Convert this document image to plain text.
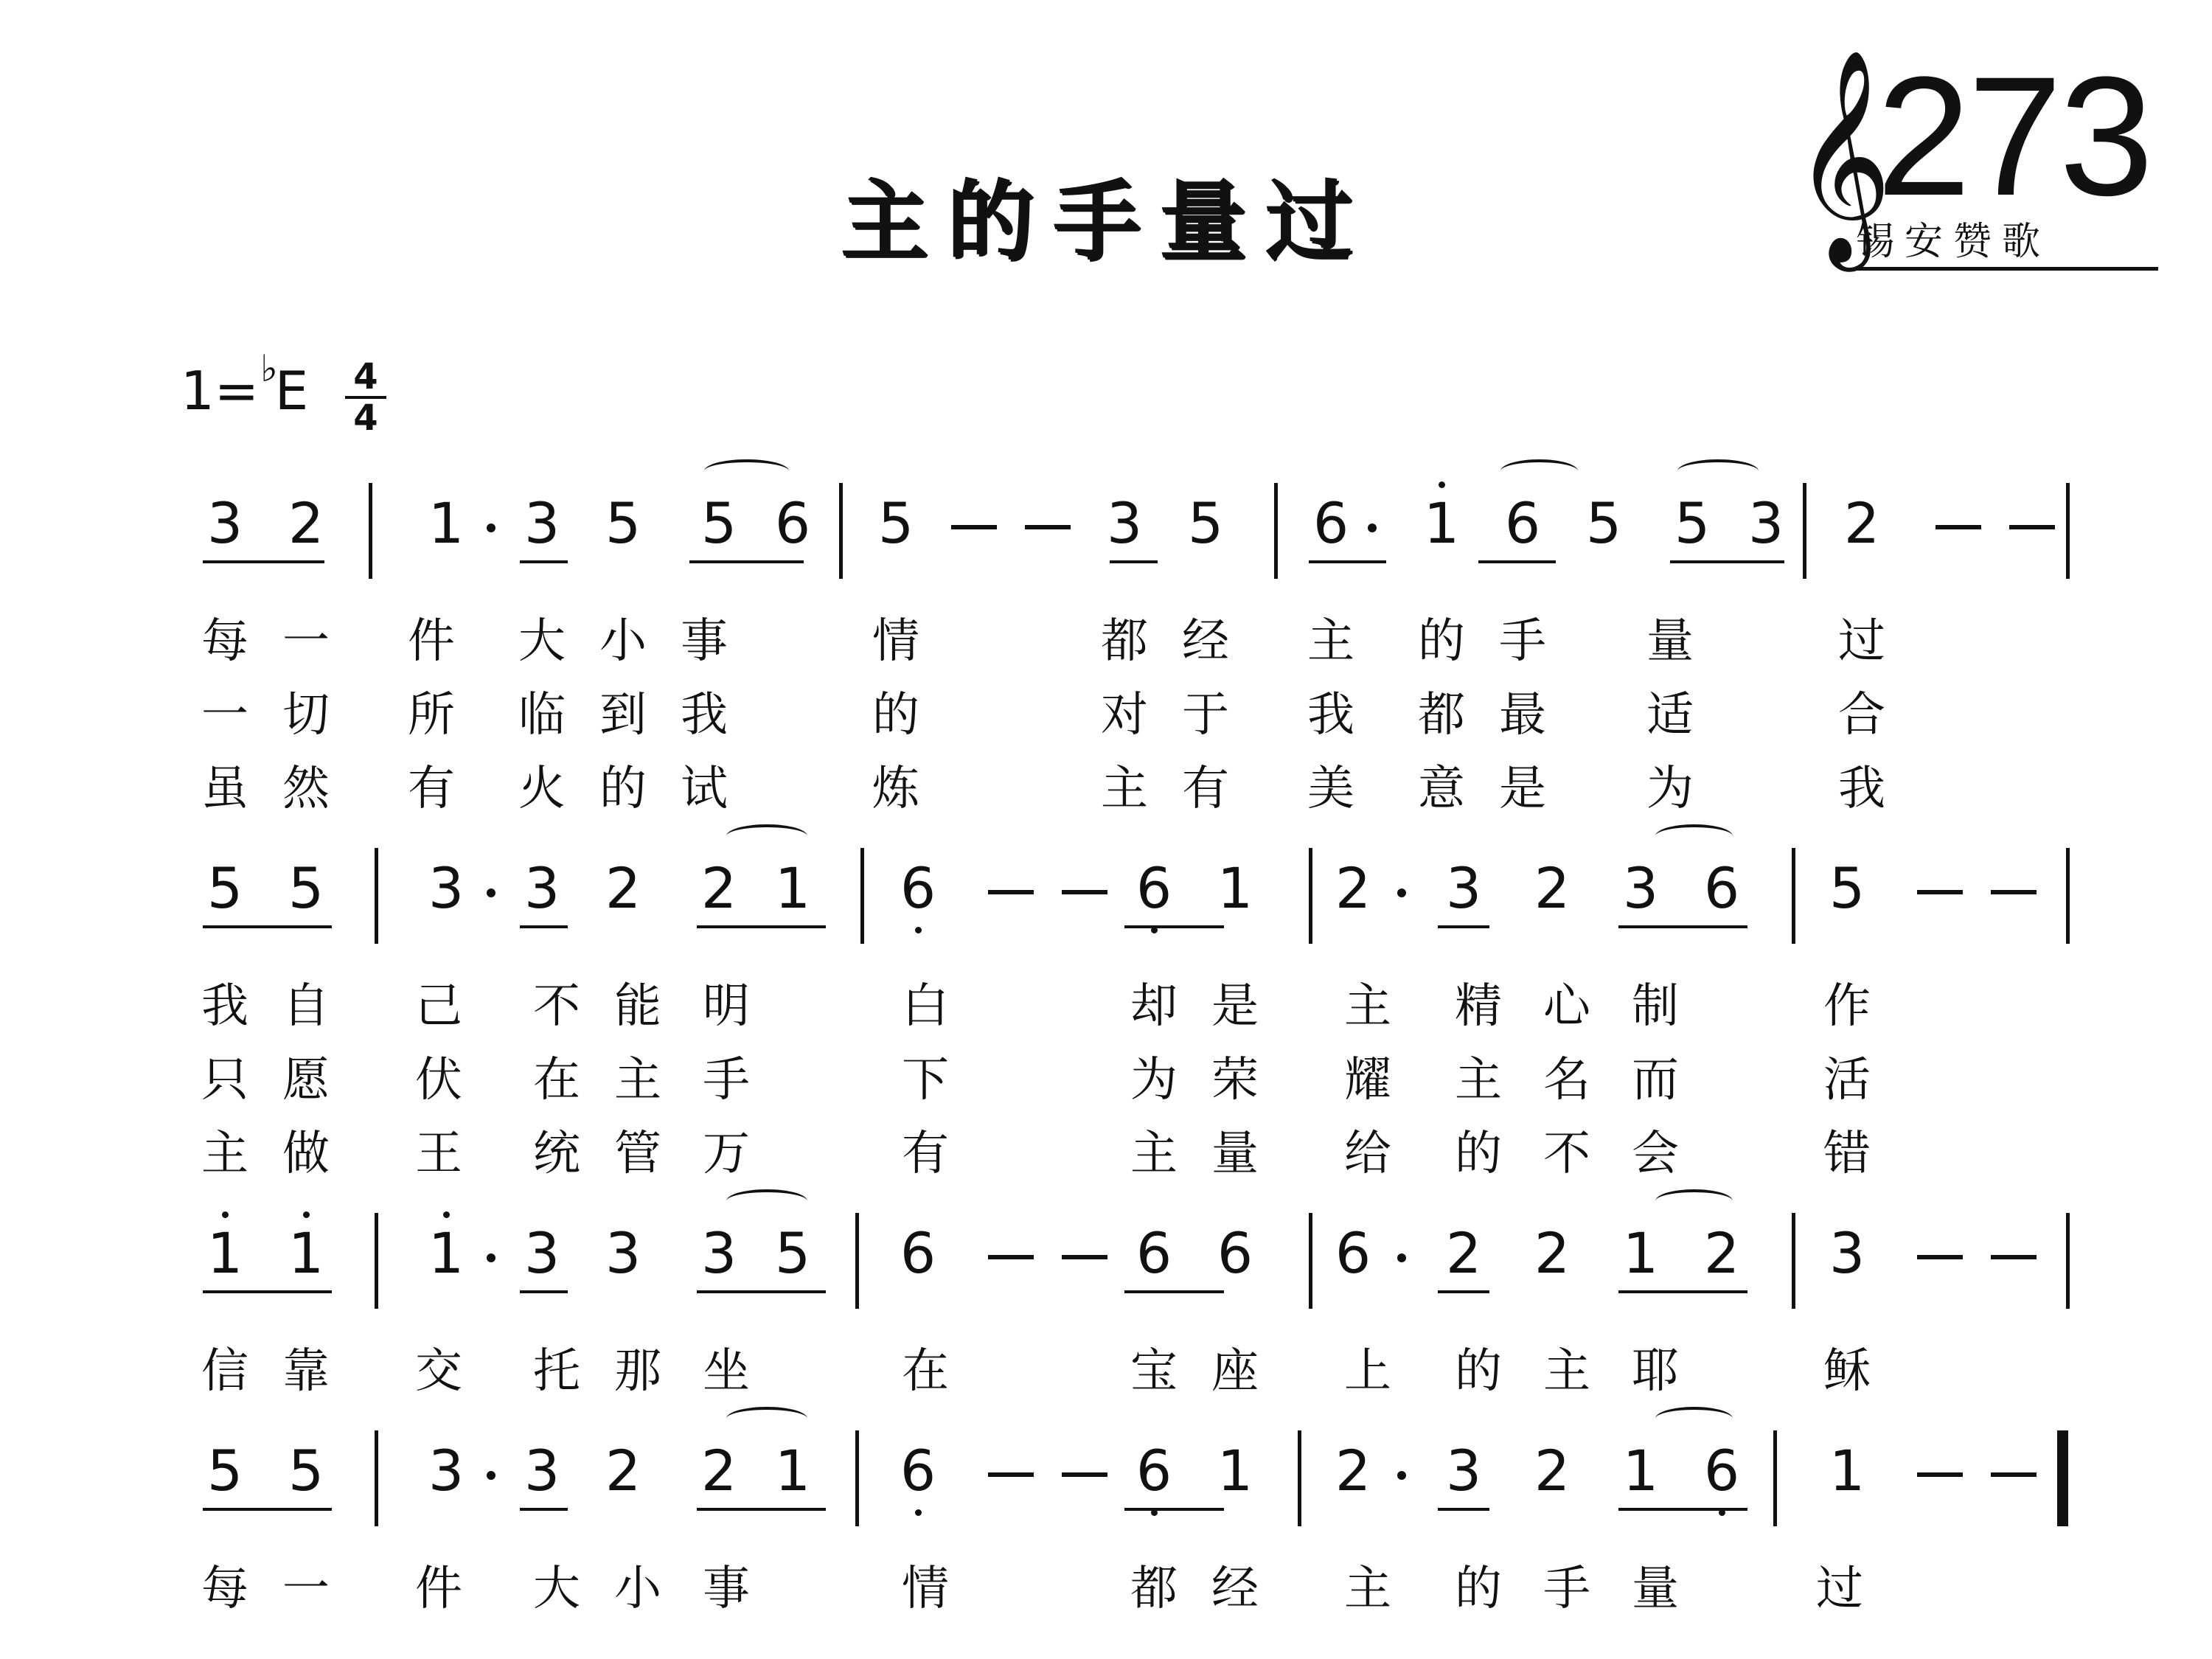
主的手量过	𝄞
273
锡安赞歌
1=♭E 4
4
3 2 1 3 5 5 6 5	3 5 6 1 6 5 5 3 2
每 一 件 大 小 事	情	都 经 主 的 手 量	过
一 切 所 临 到 我	的	对 于 我 都 最 适	合
虽 然 有 火 的 试	炼	主 有 美 意 是 为	我
5 5 3 3 2 2 1 6	6 1 2 3 2 3 6 5
我 自 己 不 能 明	白	却 是 主 精 心 制	作
只 愿 伏 在 主 手	下	为 荣 耀 主 名 而	活
主 做 王 统 管 万	有	主 量 给 的 不 会	错
1 1 1 3 3 3 5 6	6 6 6 2 2 1 2 3
信 靠 交 托 那 坐	在	宝 座 上 的 主 耶	稣
5 5 3 3 2 2 1 6	6 1 2 3 2 1 6 1
每 一 件 大 小 事	情	都 经 主 的 手 量	过
